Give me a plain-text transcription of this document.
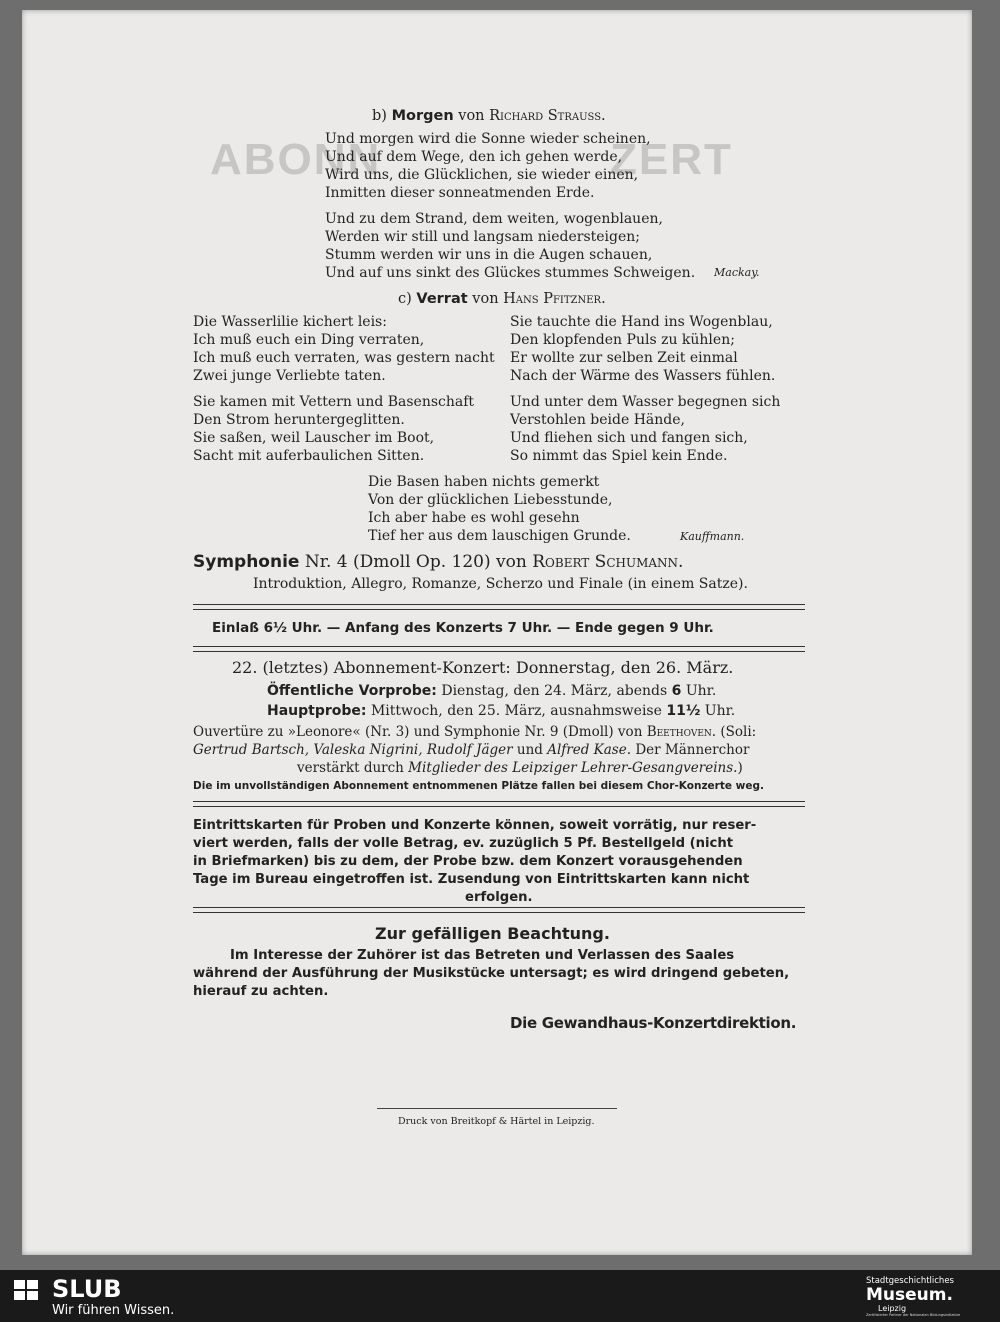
ABONN	ZERT
b) Morgen von Richard Strauss.
Und morgen wird die Sonne wieder scheinen,
Und auf dem Wege, den ich gehen werde,
Wird uns, die Glücklichen, sie wieder einen,
Inmitten dieser sonneatmenden Erde.
Und zu dem Strand, dem weiten, wogenblauen,
Werden wir still und langsam niedersteigen;
Stumm werden wir uns in die Augen schauen,
Und auf uns sinkt des Glückes stummes Schweigen. Mackay.
c) Verrat von Hans Pfitzner.
Die Wasserlilie kichert leis:
Ich muß euch ein Ding verraten,
Ich muß euch verraten, was gestern nacht
Zwei junge Verliebte taten.
Sie kamen mit Vettern und Basenschaft
Den Strom heruntergeglitten.
Sie saßen, weil Lauscher im Boot,
Sacht mit auferbaulichen Sitten.
Sie tauchte die Hand ins Wogenblau,
Den klopfenden Puls zu kühlen;
Er wollte zur selben Zeit einmal
Nach der Wärme des Wassers fühlen.
Und unter dem Wasser begegnen sich
Verstohlen beide Hände,
Und fliehen sich und fangen sich,
So nimmt das Spiel kein Ende.
Die Basen haben nichts gemerkt
Von der glücklichen Liebesstunde,
Ich aber habe es wohl gesehn
Tief her aus dem lauschigen Grunde.	Kauffmann.
Symphonie Nr. 4 (Dmoll Op. 120) von Robert Schumann.
Introduktion, Allegro, Romanze, Scherzo und Finale (in einem Satze).
Einlaß 6½ Uhr. — Anfang des Konzerts 7 Uhr. — Ende gegen 9 Uhr.
22. (letztes) Abonnement-Konzert: Donnerstag, den 26. März.
Öffentliche Vorprobe: Dienstag, den 24. März, abends 6 Uhr.
Hauptprobe: Mittwoch, den 25. März, ausnahmsweise 11½ Uhr.
Ouvertüre zu »Leonore« (Nr. 3) und Symphonie Nr. 9 (Dmoll) von Beethoven. (Soli:
Gertrud Bartsch, Valeska Nigrini, Rudolf Jäger und Alfred Kase. Der Männerchor
verstärkt durch Mitglieder des Leipziger Lehrer-Gesangvereins.)
Die im unvollständigen Abonnement entnommenen Plätze fallen bei diesem Chor-Konzerte weg.
Eintrittskarten für Proben und Konzerte können, soweit vorrätig, nur reser-
viert werden, falls der volle Betrag, ev. zuzüglich 5 Pf. Bestellgeld (nicht
in Briefmarken) bis zu dem, der Probe bzw. dem Konzert vorausgehenden
Tage im Bureau eingetroffen ist. Zusendung von Eintrittskarten kann nicht
erfolgen.
Zur gefälligen Beachtung.
Im Interesse der Zuhörer ist das Betreten und Verlassen des Saales
während der Ausführung der Musikstücke untersagt; es wird dringend gebeten,
hierauf zu achten.
Die Gewandhaus-Konzertdirektion.
Druck von Breitkopf & Härtel in Leipzig.
SLUB
Wir führen Wissen.
Stadtgeschichtliches
Museum.
Leipzig
Zertifizierter Partner der Nationalen Bildungsinitiative
